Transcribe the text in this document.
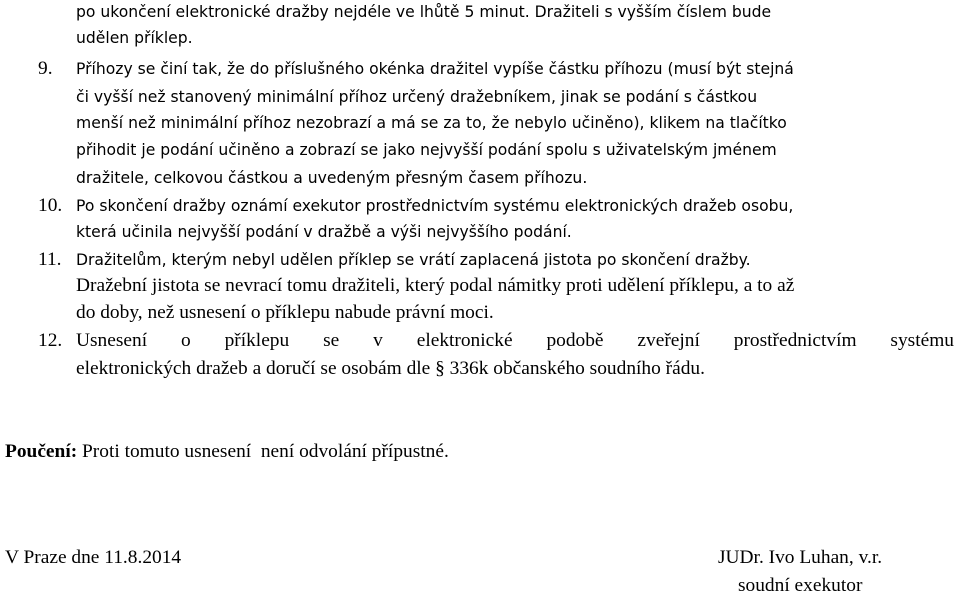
po ukončení elektronické dražby nejdéle ve lhůtě 5 minut. Dražiteli s vyšším číslem bude
udělen příklep.
9. Příhozy se činí tak, že do příslušného okénka dražitel vypíše částku příhozu (musí být stejná
či vyšší než stanovený minimální příhoz určený dražebníkem, jinak se podání s částkou
menší než minimální příhoz nezobrazí a má se za to, že nebylo učiněno), klikem na tlačítko
přihodit je podání učiněno a zobrazí se jako nejvyšší podání spolu s uživatelským jménem
dražitele, celkovou částkou a uvedeným přesným časem příhozu.
10. Po skončení dražby oznámí exekutor prostřednictvím systému elektronických dražeb osobu,
která učinila nejvyšší podání v dražbě a výši nejvyššího podání.
11. Dražitelům, kterým nebyl udělen příklep se vrátí zaplacená jistota po skončení dražby.
Dražební jistota se nevrací tomu dražiteli, který podal námitky proti udělení příklepu, a to až
do doby, než usnesení o příklepu nabude právní moci.
12. Usnesení o příklepu se v elektronické podobě zveřejní prostřednictvím systému
elektronických dražeb a doručí se osobám dle § 336k občanského soudního řádu.
Poučení: Proti tomuto usnesení  není odvolání přípustné.
V Praze dne 11.8.2014	JUDr. Ivo Luhan, v.r.
soudní exekutor
